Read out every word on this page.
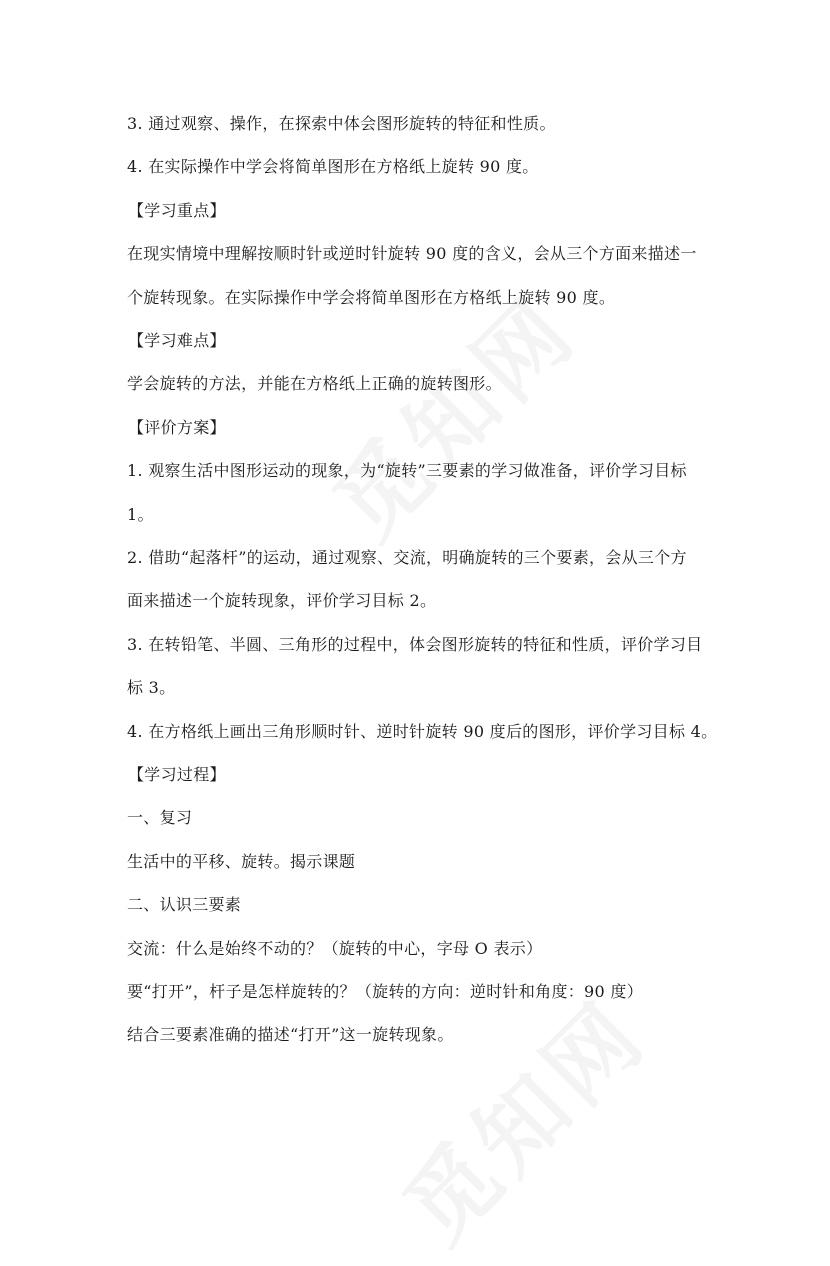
3. 通过观察、操作，在探索中体会图形旋转的特征和性质。
4. 在实际操作中学会将简单图形在方格纸上旋转 90 度。
【学习重点】
在现实情境中理解按顺时针或逆时针旋转 90 度的含义，会从三个方面来描述一
个旋转现象。在实际操作中学会将简单图形在方格纸上旋转 90 度。
【学习难点】
学会旋转的方法，并能在方格纸上正确的旋转图形。
【评价方案】
1. 观察生活中图形运动的现象，为“旋转”三要素的学习做准备，评价学习目标
1。
2. 借助“起落杆”的运动，通过观察、交流，明确旋转的三个要素，会从三个方
面来描述一个旋转现象，评价学习目标 2。
3. 在转铅笔、半圆、三角形的过程中，体会图形旋转的特征和性质，评价学习目
标 3。
4. 在方格纸上画出三角形顺时针、逆时针旋转 90 度后的图形，评价学习目标 4。
【学习过程】
一、复习
生活中的平移、旋转。揭示课题
二、认识三要素
交流：什么是始终不动的？（旋转的中心，字母 O 表示）
要“打开”，杆子是怎样旋转的？（旋转的方向：逆时针和角度：90 度）
结合三要素准确的描述“打开”这一旋转现象。
